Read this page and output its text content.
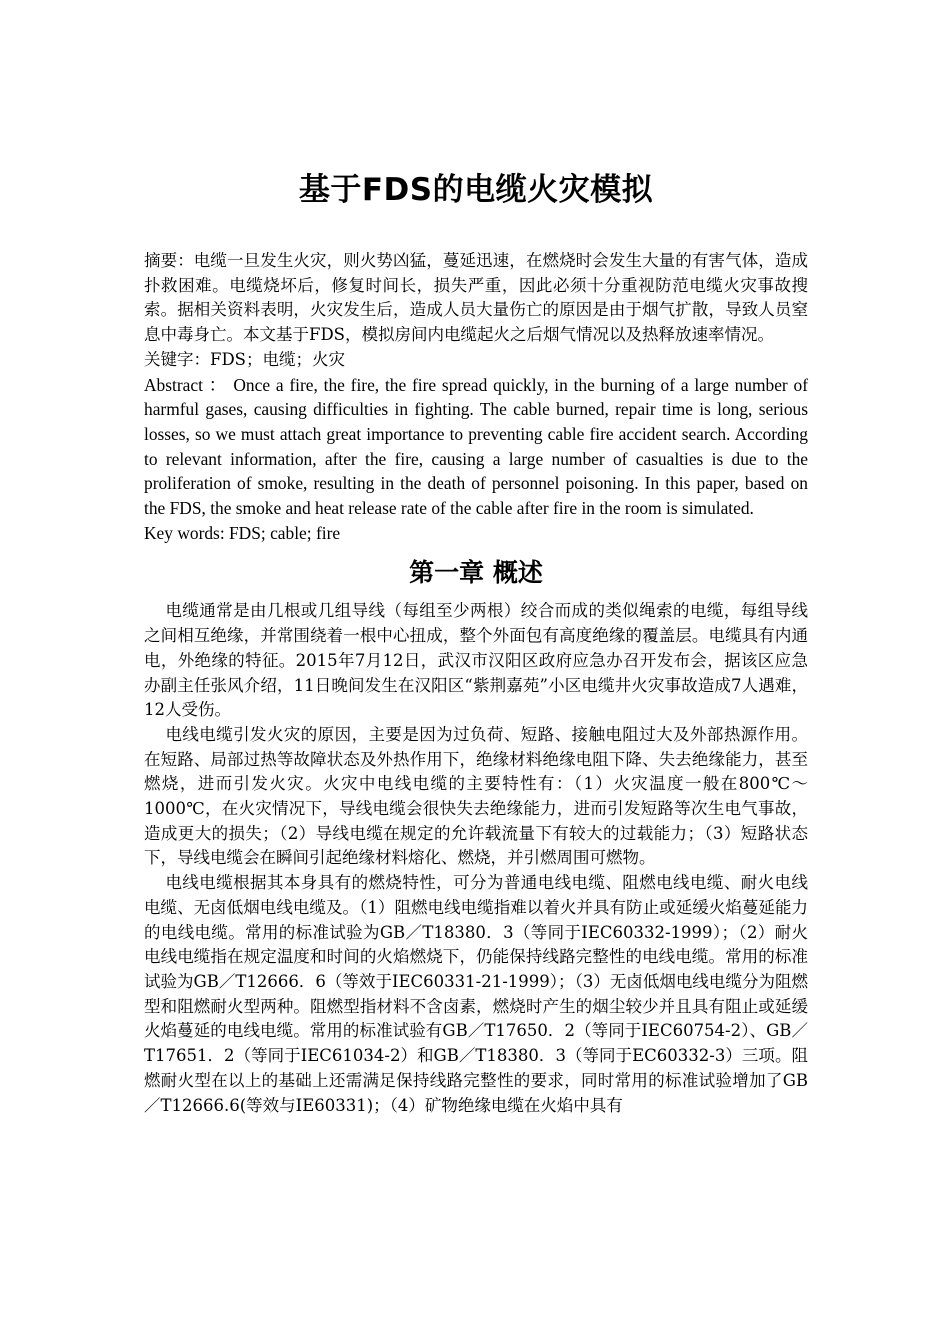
基于FDS的电缆火灾模拟

摘要：电缆一旦发生火灾，则火势凶猛，蔓延迅速，在燃烧时会发生大量的有害气体，造成扑救困难。电缆烧坏后，修复时间长，损失严重，因此必须十分重视防范电缆火灾事故搜索。据相关资料表明，火灾发生后，造成人员大量伤亡的原因是由于烟气扩散，导致人员窒息中毒身亡。本文基于FDS，模拟房间内电缆起火之后烟气情况以及热释放速率情况。

关键字：FDS；电缆；火灾

Abstract ： Once a fire, the fire, the fire spread quickly, in the burning of a large number of harmful gases, causing difficulties in fighting. The cable burned, repair time is long, serious losses, so we must attach great importance to preventing cable fire accident search. According to relevant information, after the fire, causing a large number of casualties is due to the proliferation of smoke, resulting in the death of personnel poisoning. In this paper, based on the FDS, the smoke and heat release rate of the cable after fire in the room is simulated.

Key words: FDS; cable; fire

第一章 概述

电缆通常是由几根或几组导线（每组至少两根）绞合而成的类似绳索的电缆，每组导线之间相互绝缘，并常围绕着一根中心扭成，整个外面包有高度绝缘的覆盖层。电缆具有内通电，外绝缘的特征。2015年7月12日，武汉市汉阳区政府应急办召开发布会，据该区应急办副主任张风介绍，11日晚间发生在汉阳区“紫荆嘉苑”小区电缆井火灾事故造成7人遇难，12人受伤。

电线电缆引发火灾的原因，主要是因为过负荷、短路、接触电阻过大及外部热源作用。在短路、局部过热等故障状态及外热作用下，绝缘材料绝缘电阻下降、失去绝缘能力，甚至燃烧，进而引发火灾。火灾中电线电缆的主要特性有：（1）火灾温度一般在800℃～1000℃，在火灾情况下，导线电缆会很快失去绝缘能力，进而引发短路等次生电气事故，造成更大的损失；（2）导线电缆在规定的允许载流量下有较大的过载能力；（3）短路状态下，导线电缆会在瞬间引起绝缘材料熔化、燃烧，并引燃周围可燃物。

电线电缆根据其本身具有的燃烧特性，可分为普通电线电缆、阻燃电线电缆、耐火电线电缆、无卤低烟电线电缆及。（1）阻燃电线电缆指难以着火并具有防止或延缓火焰蔓延能力的电线电缆。常用的标准试验为GB／T18380．3（等同于IEC60332-1999）；（2）耐火电线电缆指在规定温度和时间的火焰燃烧下，仍能保持线路完整性的电线电缆。常用的标准试验为GB／T12666．6（等效于IEC60331-21-1999）；（3）无卤低烟电线电缆分为阻燃型和阻燃耐火型两种。阻燃型指材料不含卤素，燃烧时产生的烟尘较少并且具有阻止或延缓火焰蔓延的电线电缆。常用的标准试验有GB／T17650．2（等同于IEC60754-2）、GB／T17651．2（等同于IEC61034-2）和GB／T18380．3（等同于EC60332-3）三项。阻燃耐火型在以上的基础上还需满足保持线路完整性的要求，同时常用的标准试验增加了GB／T12666.6(等效与IE60331)；（4）矿物绝缘电缆在火焰中具有
